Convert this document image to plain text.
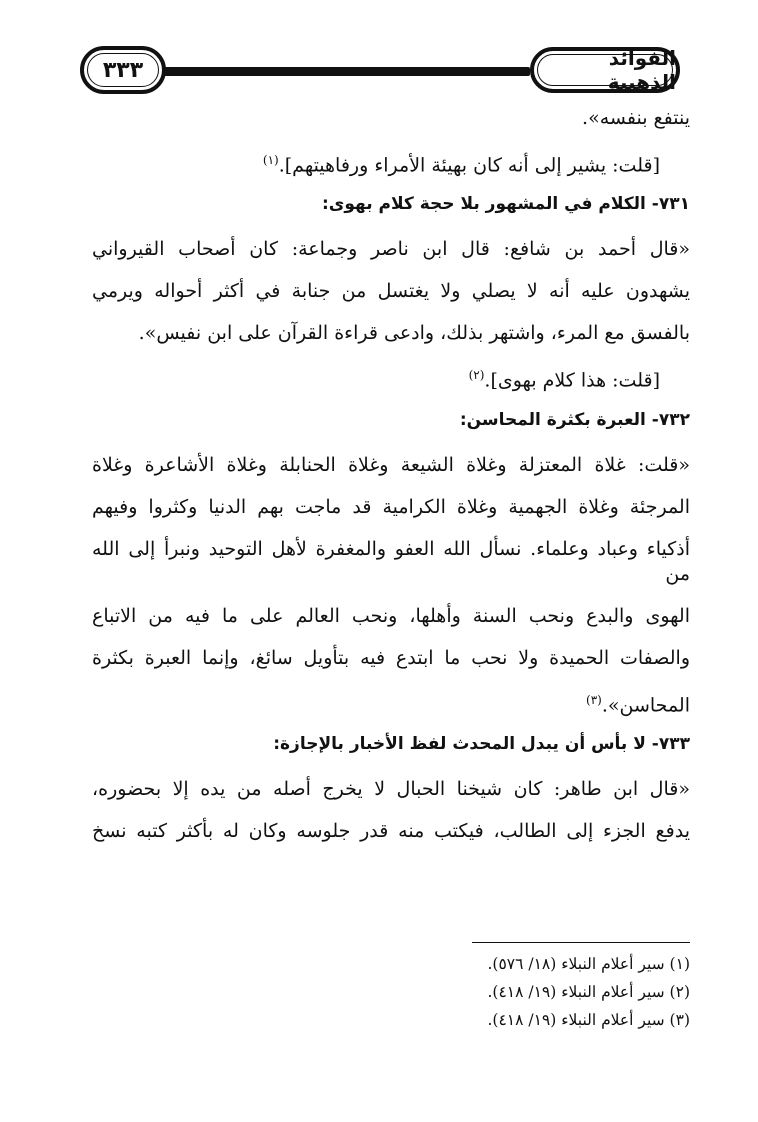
الفوائد الذهبية
٣٣٣
ينتفع بنفسه».
[قلت: يشير إلى أنه كان بهيئة الأمراء ورفاهيتهم].$^{(١)}$
٧٣١- الكلام في المشهور بلا حجة كلام بهوى:
«قال أحمد بن شافع: قال ابن ناصر وجماعة: كان أصحاب القيرواني
يشهدون عليه أنه لا يصلي ولا يغتسل من جنابة في أكثر أحواله ويرمي
بالفسق مع المرء، واشتهر بذلك، وادعى قراءة القرآن على ابن نفيس».
[قلت: هذا كلام بهوى].$^{(٢)}$
٧٣٢- العبرة بكثرة المحاسن:
«قلت: غلاة المعتزلة وغلاة الشيعة وغلاة الحنابلة وغلاة الأشاعرة وغلاة
المرجئة وغلاة الجهمية وغلاة الكرامية قد ماجت بهم الدنيا وكثروا وفيهم
أذكياء وعباد وعلماء. نسأل الله العفو والمغفرة لأهل التوحيد ونبرأ إلى الله من
الهوى والبدع ونحب السنة وأهلها، ونحب العالم على ما فيه من الاتباع
والصفات الحميدة ولا نحب ما ابتدع فيه بتأويل سائغ، وإنما العبرة بكثرة
المحاسن».$^{(٣)}$
٧٣٣- لا بأس أن يبدل المحدث لفظ الأخبار بالإجازة:
«قال ابن طاهر: كان شيخنا الحبال لا يخرج أصله من يده إلا بحضوره،
يدفع الجزء إلى الطالب، فيكتب منه قدر جلوسه وكان له بأكثر كتبه نسخ
(١) سير أعلام النبلاء (١٨/ ٥٧٦).
(٢) سير أعلام النبلاء (١٩/ ٤١٨).
(٣) سير أعلام النبلاء (١٩/ ٤١٨).
